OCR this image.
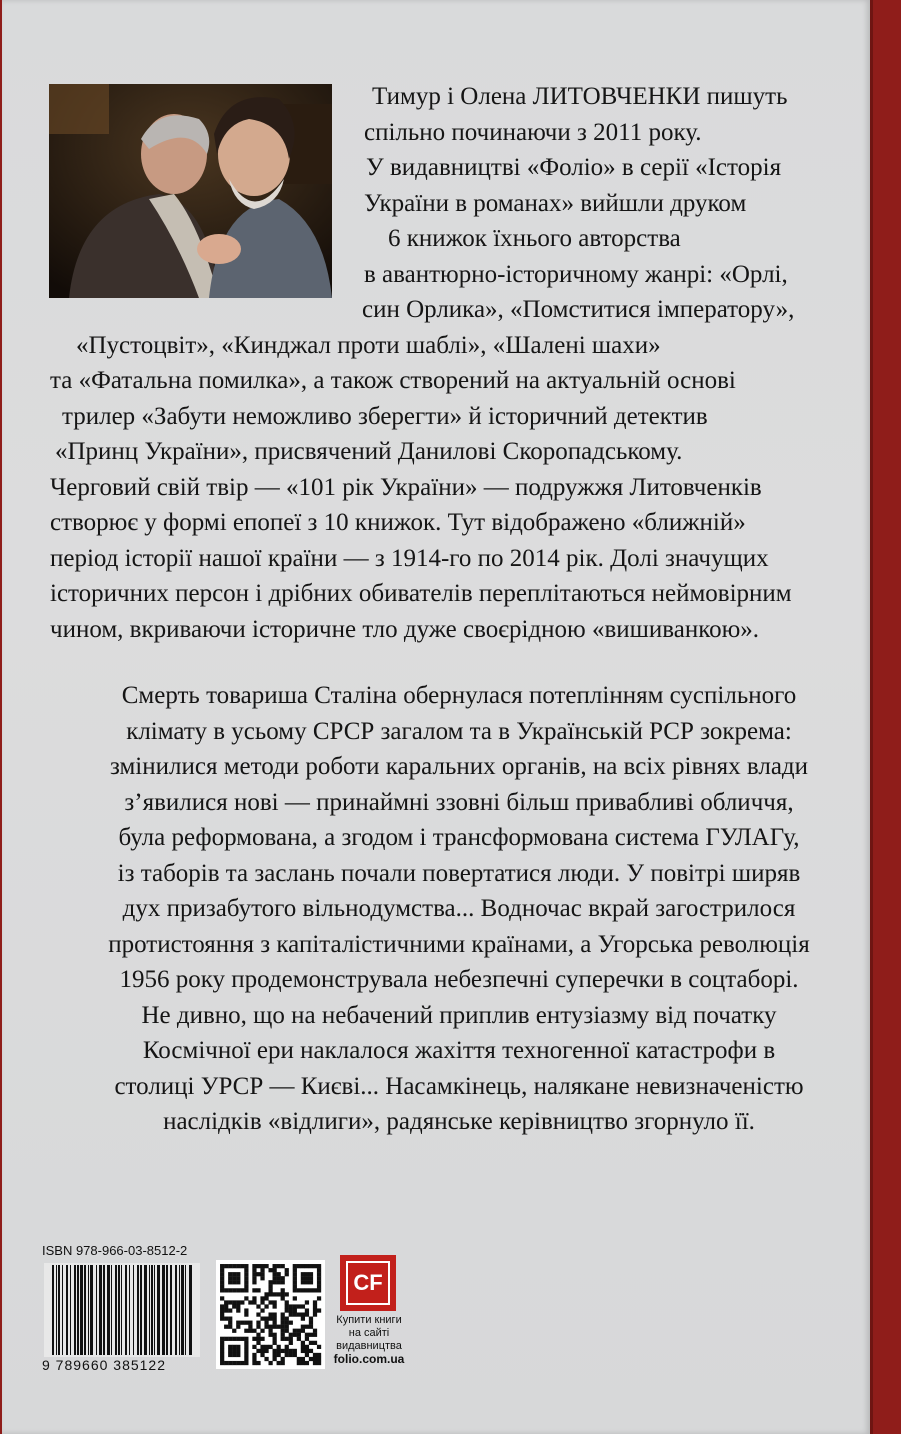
Тимур і Олена ЛИТОВЧЕНКИ пишуть
спільно починаючи з 2011 року.
У видавництві «Фоліо» в серії «Історія
України в романах» вийшли друком
6 книжок їхнього авторства
в авантюрно-історичному жанрі: «Орлі,
син Орлика», «Помститися імператору»,
«Пустоцвіт», «Кинджал проти шаблі», «Шалені шахи»
та «Фатальна помилка», а також створений на актуальній основі
трилер «Забути неможливо зберегти» й історичний детектив
«Принц України», присвячений Данилові Скоропадському.
Черговий свій твір — «101 рік України» — подружжя Литовченків
створює у формі епопеї з 10 книжок. Тут відображено «ближній»
період історії нашої країни — з 1914-го по 2014 рік. Долі значущих
історичних персон і дрібних обивателів переплітаються неймовірним
чином, вкриваючи історичне тло дуже своєрідною «вишиванкою».
Смерть товариша Сталіна обернулася потеплінням суспільного
клімату в усьому СРСР загалом та в Українській РСР зокрема:
змінилися методи роботи каральних органів, на всіх рівнях влади
з’явилися нові — принаймні ззовні більш привабливі обличчя,
була реформована, а згодом і трансформована система ГУЛАГу,
із таборів та заслань почали повертатися люди. У повітрі ширяв
дух призабутого вільнодумства... Водночас вкрай загострилося
протистояння з капіталістичними країнами, а Угорська революція
1956 року продемонструвала небезпечні суперечки в соцтаборі.
Не дивно, що на небачений приплив ентузіазму від початку
Космічної ери наклалося жахіття техногенної катастрофи в
столиці УРСР — Києві... Насамкінець, налякане невизначеністю
наслідків «відлиги», радянське керівництво згорнуло її.
ISBN 978-966-03-8512-2
9 789660 385122
CF
Купити книги
на сайті
видавництва
folio.com.ua
